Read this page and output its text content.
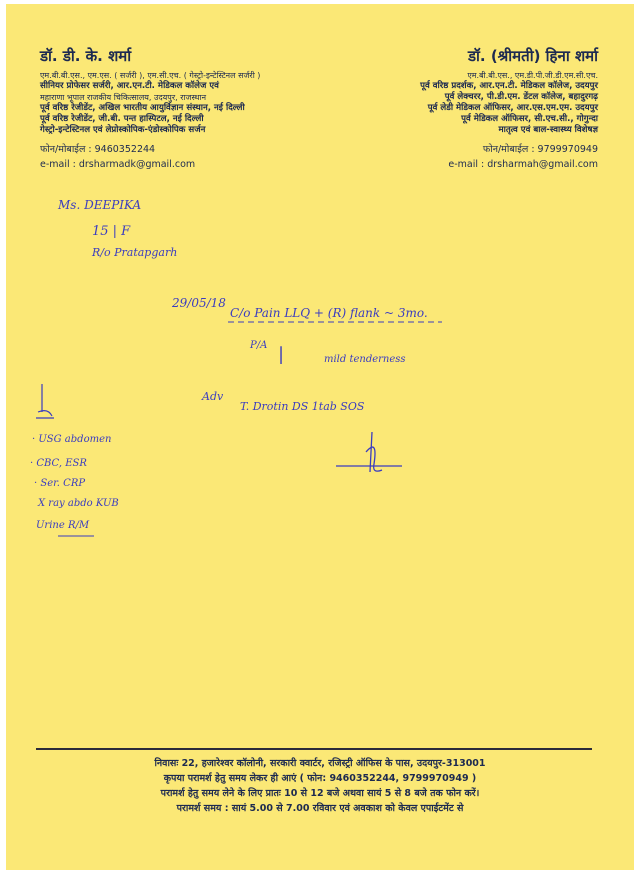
डॉ. डी. के. शर्मा
एम.बी.बी.एस., एम.एस. ( सर्जरी ), एम.सी.एच. ( गेस्ट्रो-इन्टेस्टिनल सर्जरी )
सीनियर प्रोफेसर सर्जरी, आर.एन.टी. मेडिकल कॉलेज एवं
महाराणा भूपाल राजकीय चिकित्सालय, उदयपुर, राजस्थान
पूर्व वरिष्ठ रेजीडेंट, अखिल भारतीय आयुर्विज्ञान संस्थान, नई दिल्ली
पूर्व वरिष्ठ रेजीडेंट, जी.बी. पन्त हास्पिटल, नई दिल्ली
गेस्ट्रो-इन्टेस्टिनल एवं लेप्रोस्कोपिक-एंडोस्कोपिक सर्जन
फोन/मोबाईल : 9460352244
e-mail : drsharmadk@gmail.com
डॉ. (श्रीमती) हिना शर्मा
एम.बी.बी.एस., एम.डी.पी.जी.डी.एम.सी.एच.
पूर्व वरिष्ठ प्रदर्शक, आर.एन.टी. मेडिकल कॉलेज, उदयपुर
पूर्व लेक्चरर, पी.डी.एम. डेंटल कॉलेज, बहादुरगढ़
पूर्व लेडी मेडिकल ऑफिसर, आर.एस.एम.एम. उदयपुर
पूर्व मेडिकल ऑफिसर, सी.एच.सी., गोगुन्दा
मातृत्व एवं बाल-स्वास्थ्य विशेषज्ञ
फोन/मोबाईल : 9799970949
e-mail : drsharmah@gmail.com
Ms. DEEPIKA
15 | F
R/o Pratapgarh
29/05/18
C/o Pain LLQ + (R) flank ~ 3mo.
P/A |	mild tenderness
Adv
T. Drotin DS 1tab SOS
· USG abdomen
· CBC, ESR
· Ser. CRP
X ray abdo KUB
Urine R/M
निवासः 22, हजारेश्वर कॉलोनी, सरकारी क्वार्टर, रजिस्ट्री ऑफिस के पास, उदयपुर-313001
कृपया परामर्श हेतु समय लेकर ही आएं ( फोन: 9460352244, 9799970949 )
परामर्श हेतु समय लेने के लिए प्रातः 10 से 12 बजे अथवा सायं 5 से 8 बजे तक फोन करें।
परामर्श समय : सायं 5.00 से 7.00 रविवार एवं अवकाश को केवल एपाईटमेंट से
